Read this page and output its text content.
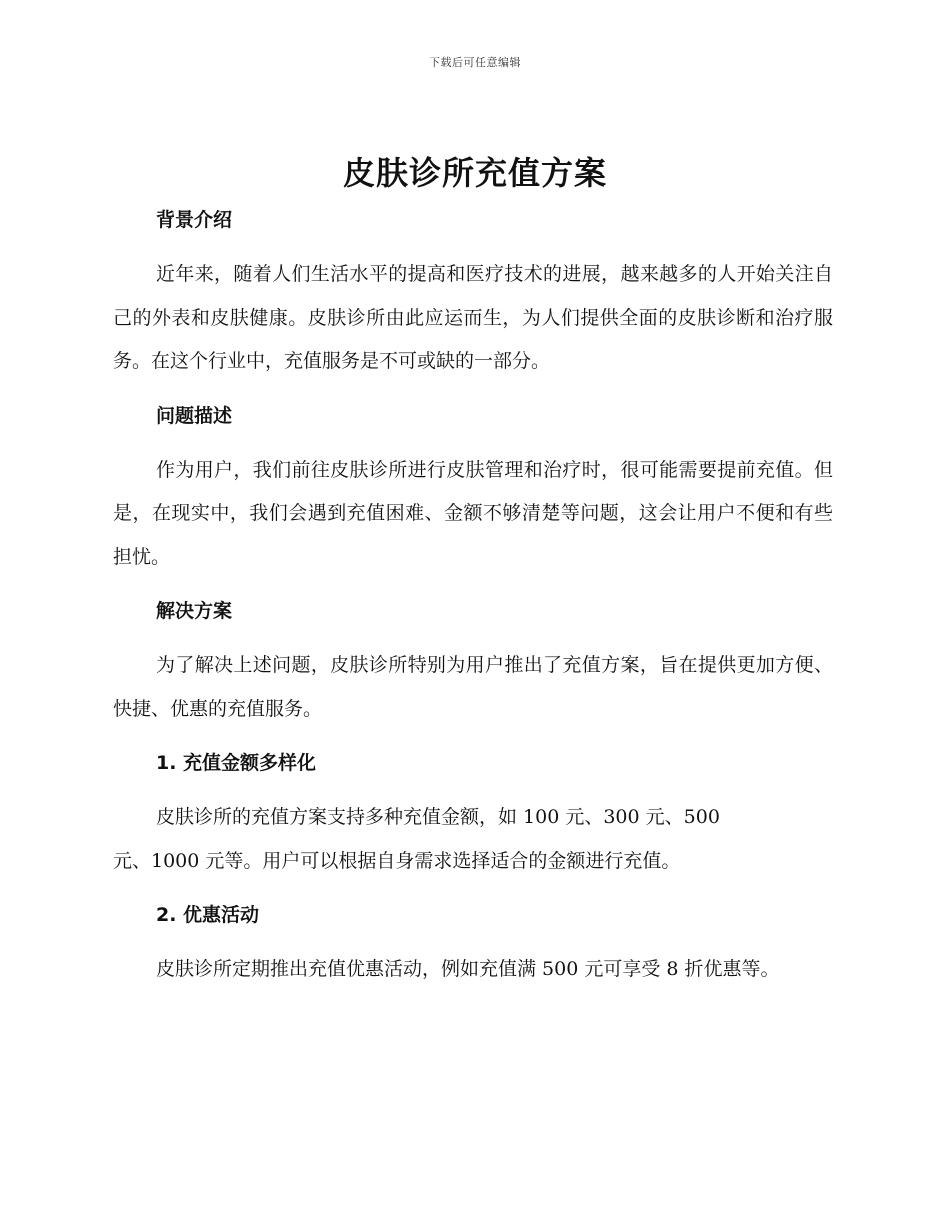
下载后可任意编辑
皮肤诊所充值方案
背景介绍

近年来，随着人们生活水平的提高和医疗技术的进展，越来越多的人开始关注自己的外表和皮肤健康。皮肤诊所由此应运而生，为人们提供全面的皮肤诊断和治疗服务。在这个行业中，充值服务是不可或缺的一部分。

问题描述

作为用户，我们前往皮肤诊所进行皮肤管理和治疗时，很可能需要提前充值。但是，在现实中，我们会遇到充值困难、金额不够清楚等问题，这会让用户不便和有些担忧。

解决方案

为了解决上述问题，皮肤诊所特别为用户推出了充值方案，旨在提供更加方便、快捷、优惠的充值服务。

1. 充值金额多样化

皮肤诊所的充值方案支持多种充值金额，如 100 元、300 元、500

元、1000 元等。用户可以根据自身需求选择适合的金额进行充值。

2. 优惠活动

皮肤诊所定期推出充值优惠活动，例如充值满 500 元可享受 8 折优惠等。
